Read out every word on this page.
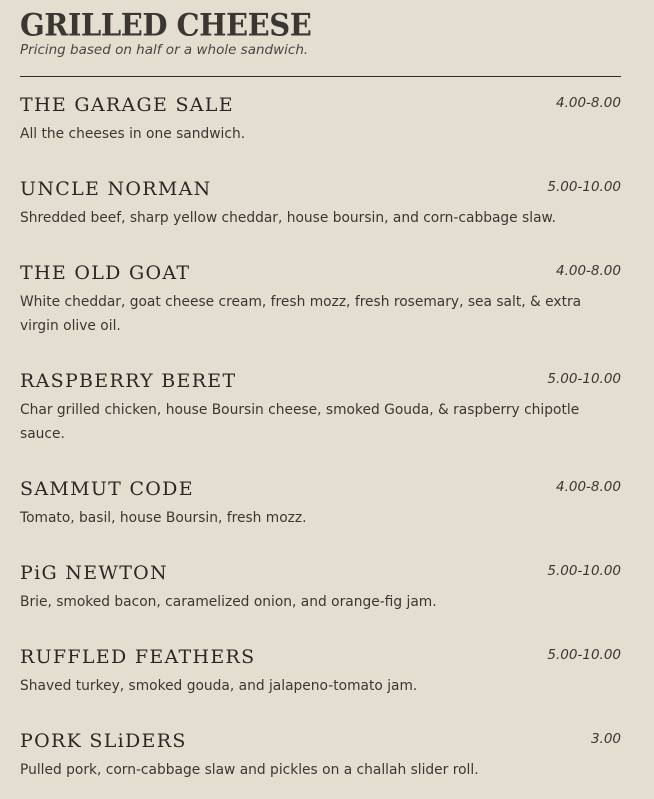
GRILLED CHEESE
Pricing based on half or a whole sandwich.
THE GARAGE SALE	4.00-8.00
All the cheeses in one sandwich.
UNCLE NORMAN	5.00-10.00
Shredded beef, sharp yellow cheddar, house boursin, and corn-cabbage slaw.
THE OLD GOAT	4.00-8.00
White cheddar, goat cheese cream, fresh mozz, fresh rosemary, sea salt, & extra virgin olive oil.
RASPBERRY BERET	5.00-10.00
Char grilled chicken, house Boursin cheese, smoked Gouda, & raspberry chipotle sauce.
SAMMUT CODE	4.00-8.00
Tomato, basil, house Boursin, fresh mozz.
PiG NEWTON	5.00-10.00
Brie, smoked bacon, caramelized onion, and orange-fig jam.
RUFFLED FEATHERS	5.00-10.00
Shaved turkey, smoked gouda, and jalapeno-tomato jam.
PORK SLiDERS	3.00
Pulled pork, corn-cabbage slaw and pickles on a challah slider roll.
